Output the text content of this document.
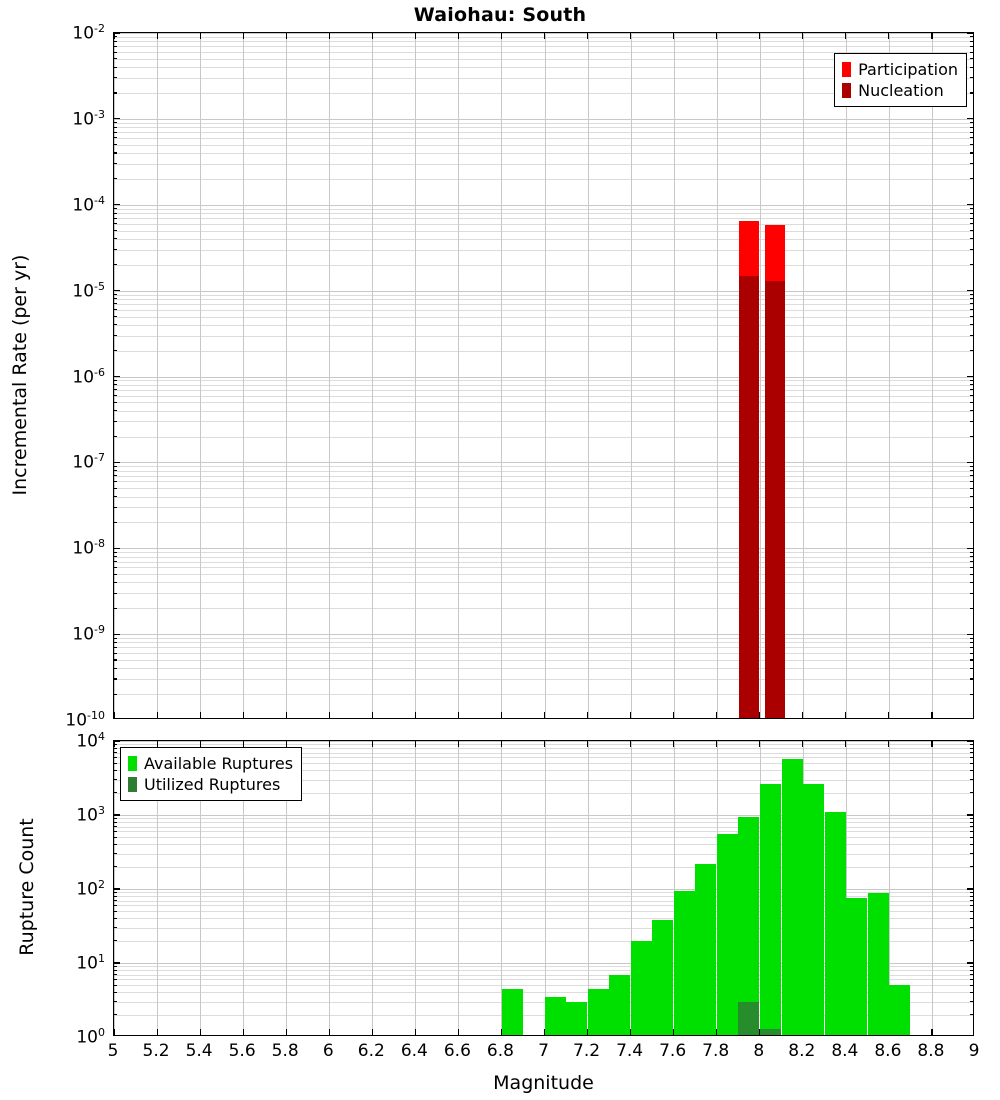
Waiohau: South
Participation
Nucleation
Available Ruptures
Utilized Ruptures
Incremental Rate (per yr)
Rupture Count
Magnitude
$10^{-10}$
$10^{-9}$
$10^{-8}$
$10^{-7}$
$10^{-6}$
$10^{-5}$
$10^{-4}$
$10^{-3}$
$10^{-2}$
$10^0$
$10^1$
$10^2$
$10^3$
$10^4$
5	5.2 5.4 5.6 5.8	6	6.2 6.4 6.6 6.8	7	7.2 7.4 7.6 7.8	8	8.2 8.4 8.6 8.8	9
